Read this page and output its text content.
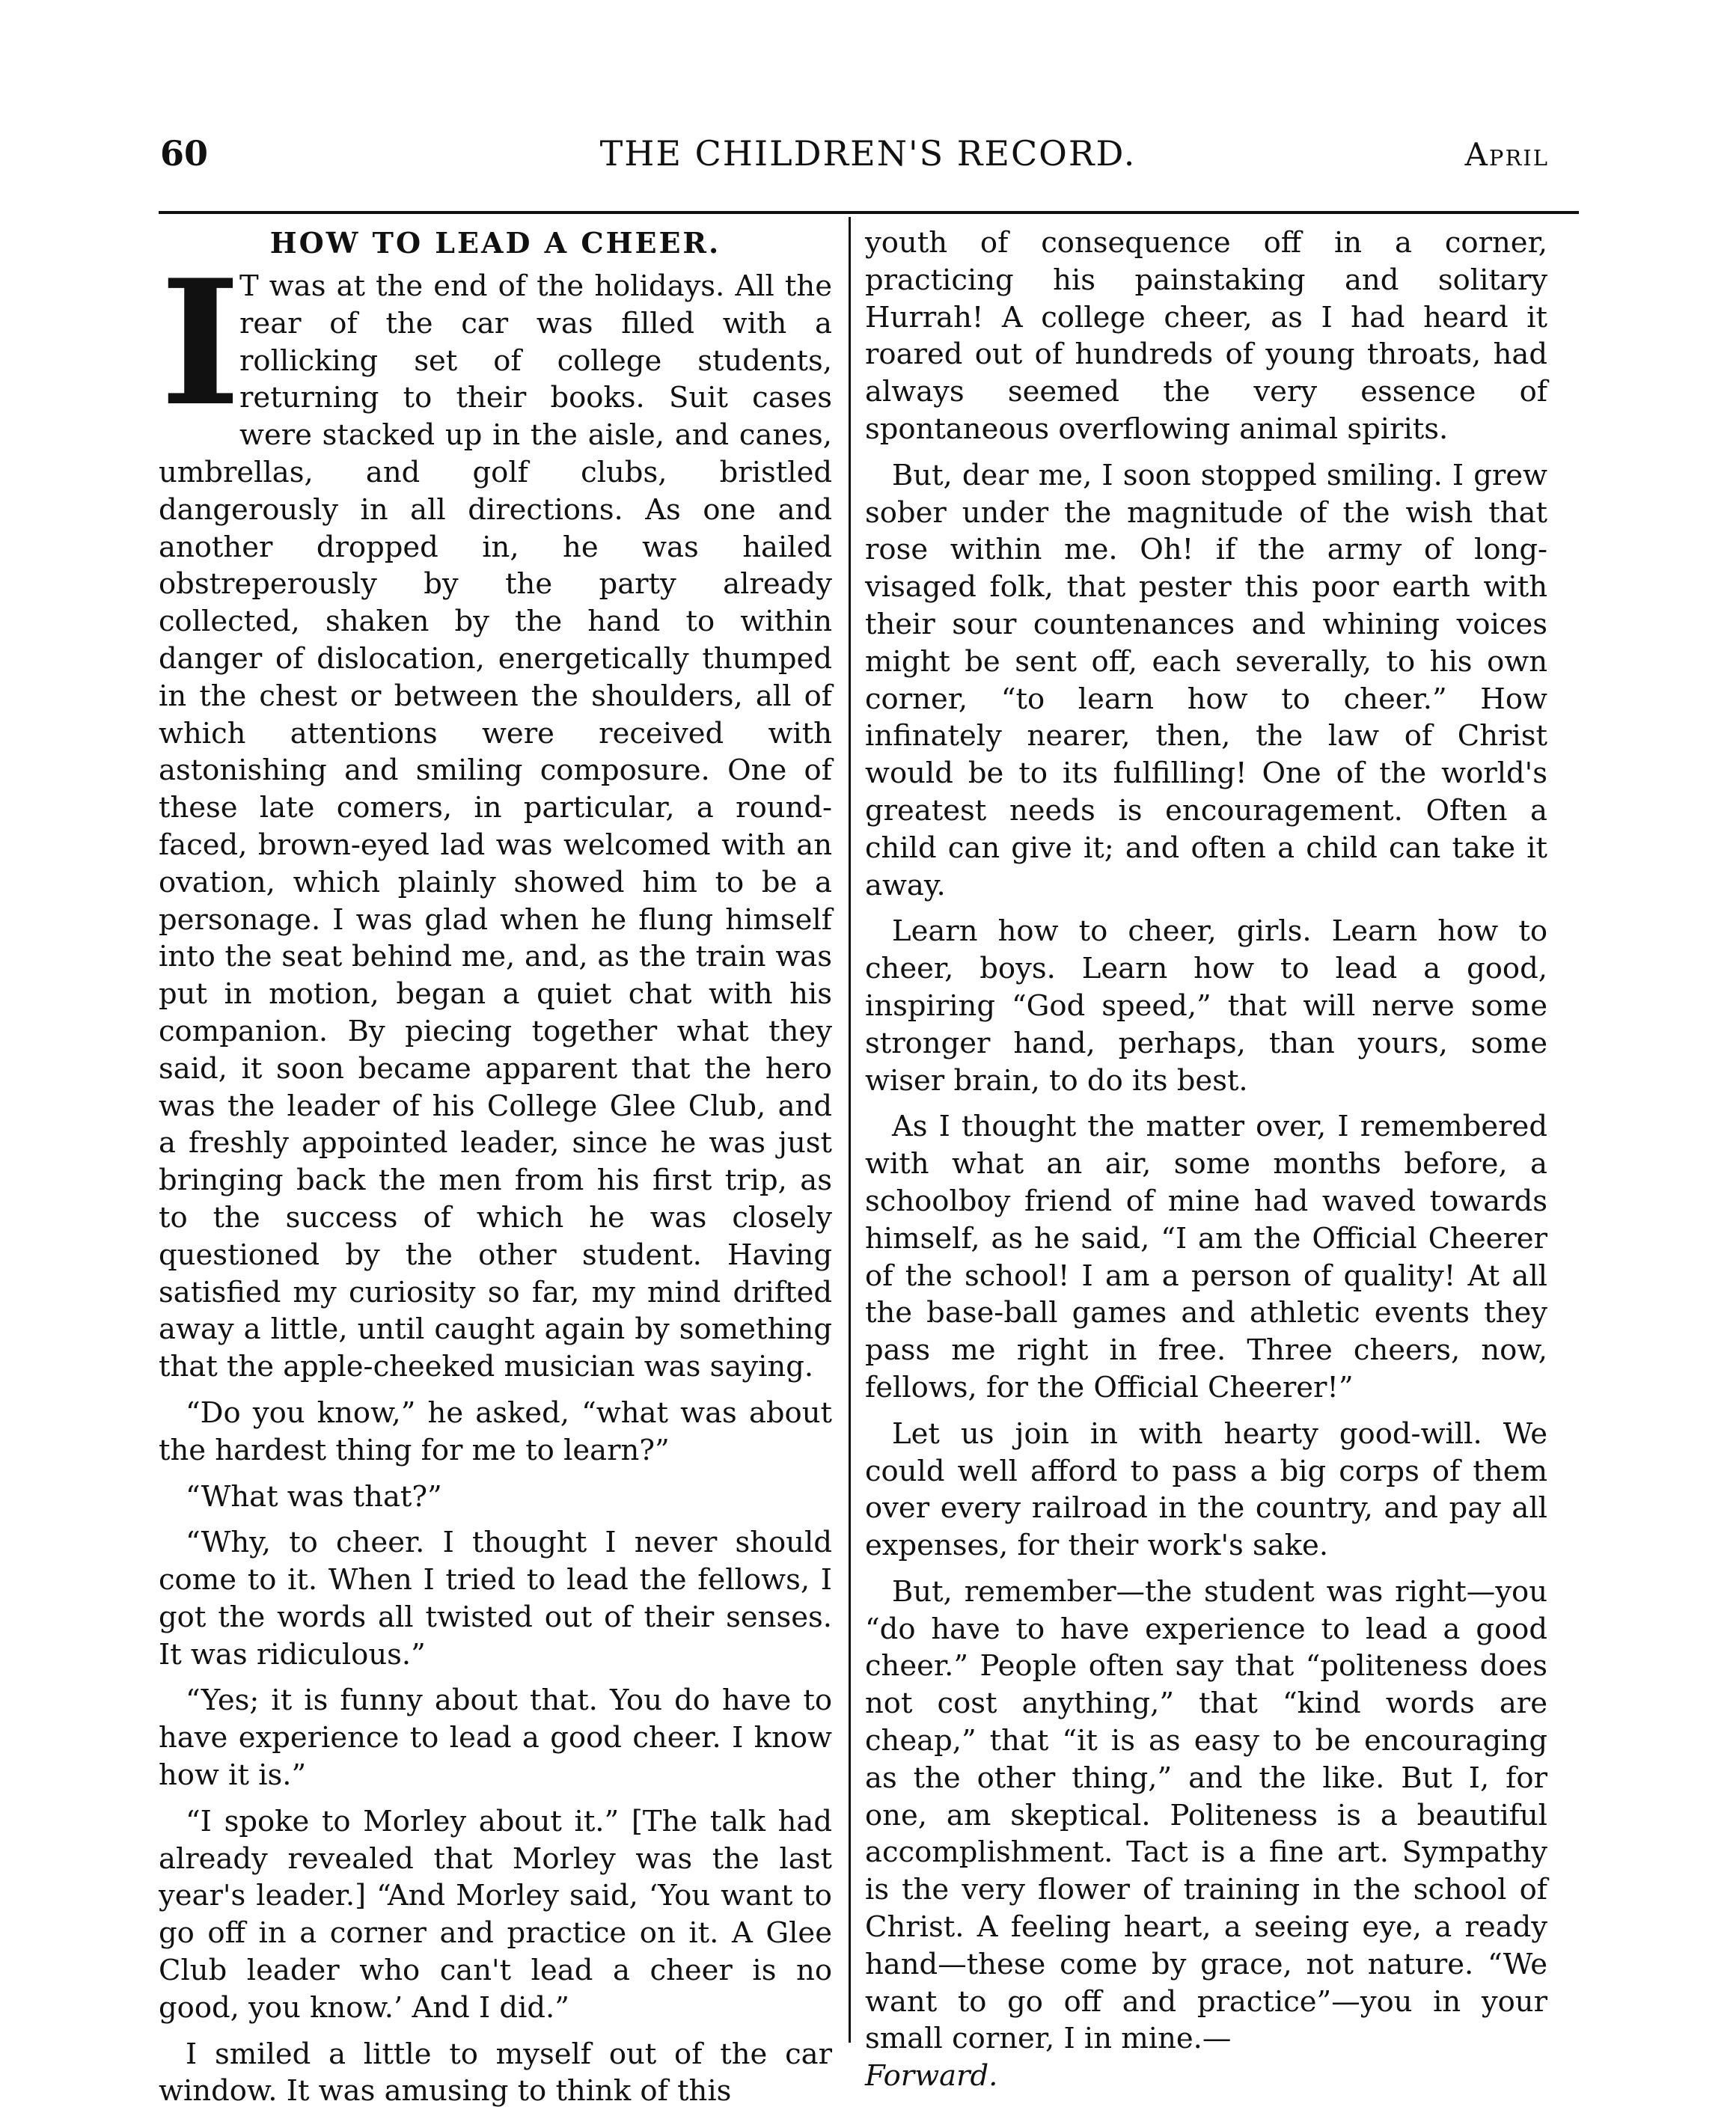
60	THE CHILDREN'S RECORD.	April
HOW TO LEAD A CHEER.

I
T was at the end of the holidays. All the rear of the car was filled with a rollicking set of college students, returning to their books. Suit cases were stacked up in the aisle, and canes, umbrellas, and golf clubs, bristled dangerously in all directions. As one and another dropped in, he was hailed obstreperously by the party already collected, shaken by the hand to within danger of dislocation, energetically thumped in the chest or between the shoulders, all of which attentions were received with astonishing and smiling composure. One of these late comers, in particular, a round-faced, brown-eyed lad was welcomed with an ovation, which plainly showed him to be a personage. I was glad when he flung himself into the seat behind me, and, as the train was put in motion, began a quiet chat with his companion. By piecing together what they said, it soon became apparent that the hero was the leader of his College Glee Club, and a freshly appointed leader, since he was just bringing back the men from his first trip, as to the success of which he was closely questioned by the other student. Having satisfied my curiosity so far, my mind drifted away a little, until caught again by something that the apple-cheeked musician was saying.

“Do you know,” he asked, “what was about the hardest thing for me to learn?”

“What was that?”

“Why, to cheer. I thought I never should come to it. When I tried to lead the fellows, I got the words all twisted out of their senses. It was ridiculous.”

“Yes; it is funny about that. You do have to have experience to lead a good cheer. I know how it is.”

“I spoke to Morley about it.” [The talk had already revealed that Morley was the last year's leader.] “And Morley said, ‘You want to go off in a corner and practice on it. A Glee Club leader who can't lead a cheer is no good, you know.’ And I did.”

I smiled a little to myself out of the car window. It was amusing to think of this

youth of consequence off in a corner, practicing his painstaking and solitary Hurrah! A college cheer, as I had heard it roared out of hundreds of young throats, had always seemed the very essence of spontaneous overflowing animal spirits.

But, dear me, I soon stopped smiling. I grew sober under the magnitude of the wish that rose within me. Oh! if the army of long-visaged folk, that pester this poor earth with their sour countenances and whining voices might be sent off, each severally, to his own corner, “to learn how to cheer.” How infinately nearer, then, the law of Christ would be to its fulfilling! One of the world's greatest needs is encouragement. Often a child can give it; and often a child can take it away.

Learn how to cheer, girls. Learn how to cheer, boys. Learn how to lead a good, inspiring “God speed,” that will nerve some stronger hand, perhaps, than yours, some wiser brain, to do its best.

As I thought the matter over, I remembered with what an air, some months before, a schoolboy friend of mine had waved towards himself, as he said, “I am the Official Cheerer of the school! I am a person of quality! At all the base-ball games and athletic events they pass me right in free. Three cheers, now, fellows, for the Official Cheerer!”

Let us join in with hearty good-will. We could well afford to pass a big corps of them over every railroad in the country, and pay all expenses, for their work's sake.

But, remember—the student was right—you “do have to have experience to lead a good cheer.” People often say that “politeness does not cost anything,” that “kind words are cheap,” that “it is as easy to be encouraging as the other thing,” and the like. But I, for one, am skeptical. Politeness is a beautiful accomplishment. Tact is a fine art. Sympathy is the very flower of training in the school of Christ. A feeling heart, a seeing eye, a ready hand—these come by grace, not nature. “We want to go off and practice”—you in your small corner, I in mine.—

Forward.
